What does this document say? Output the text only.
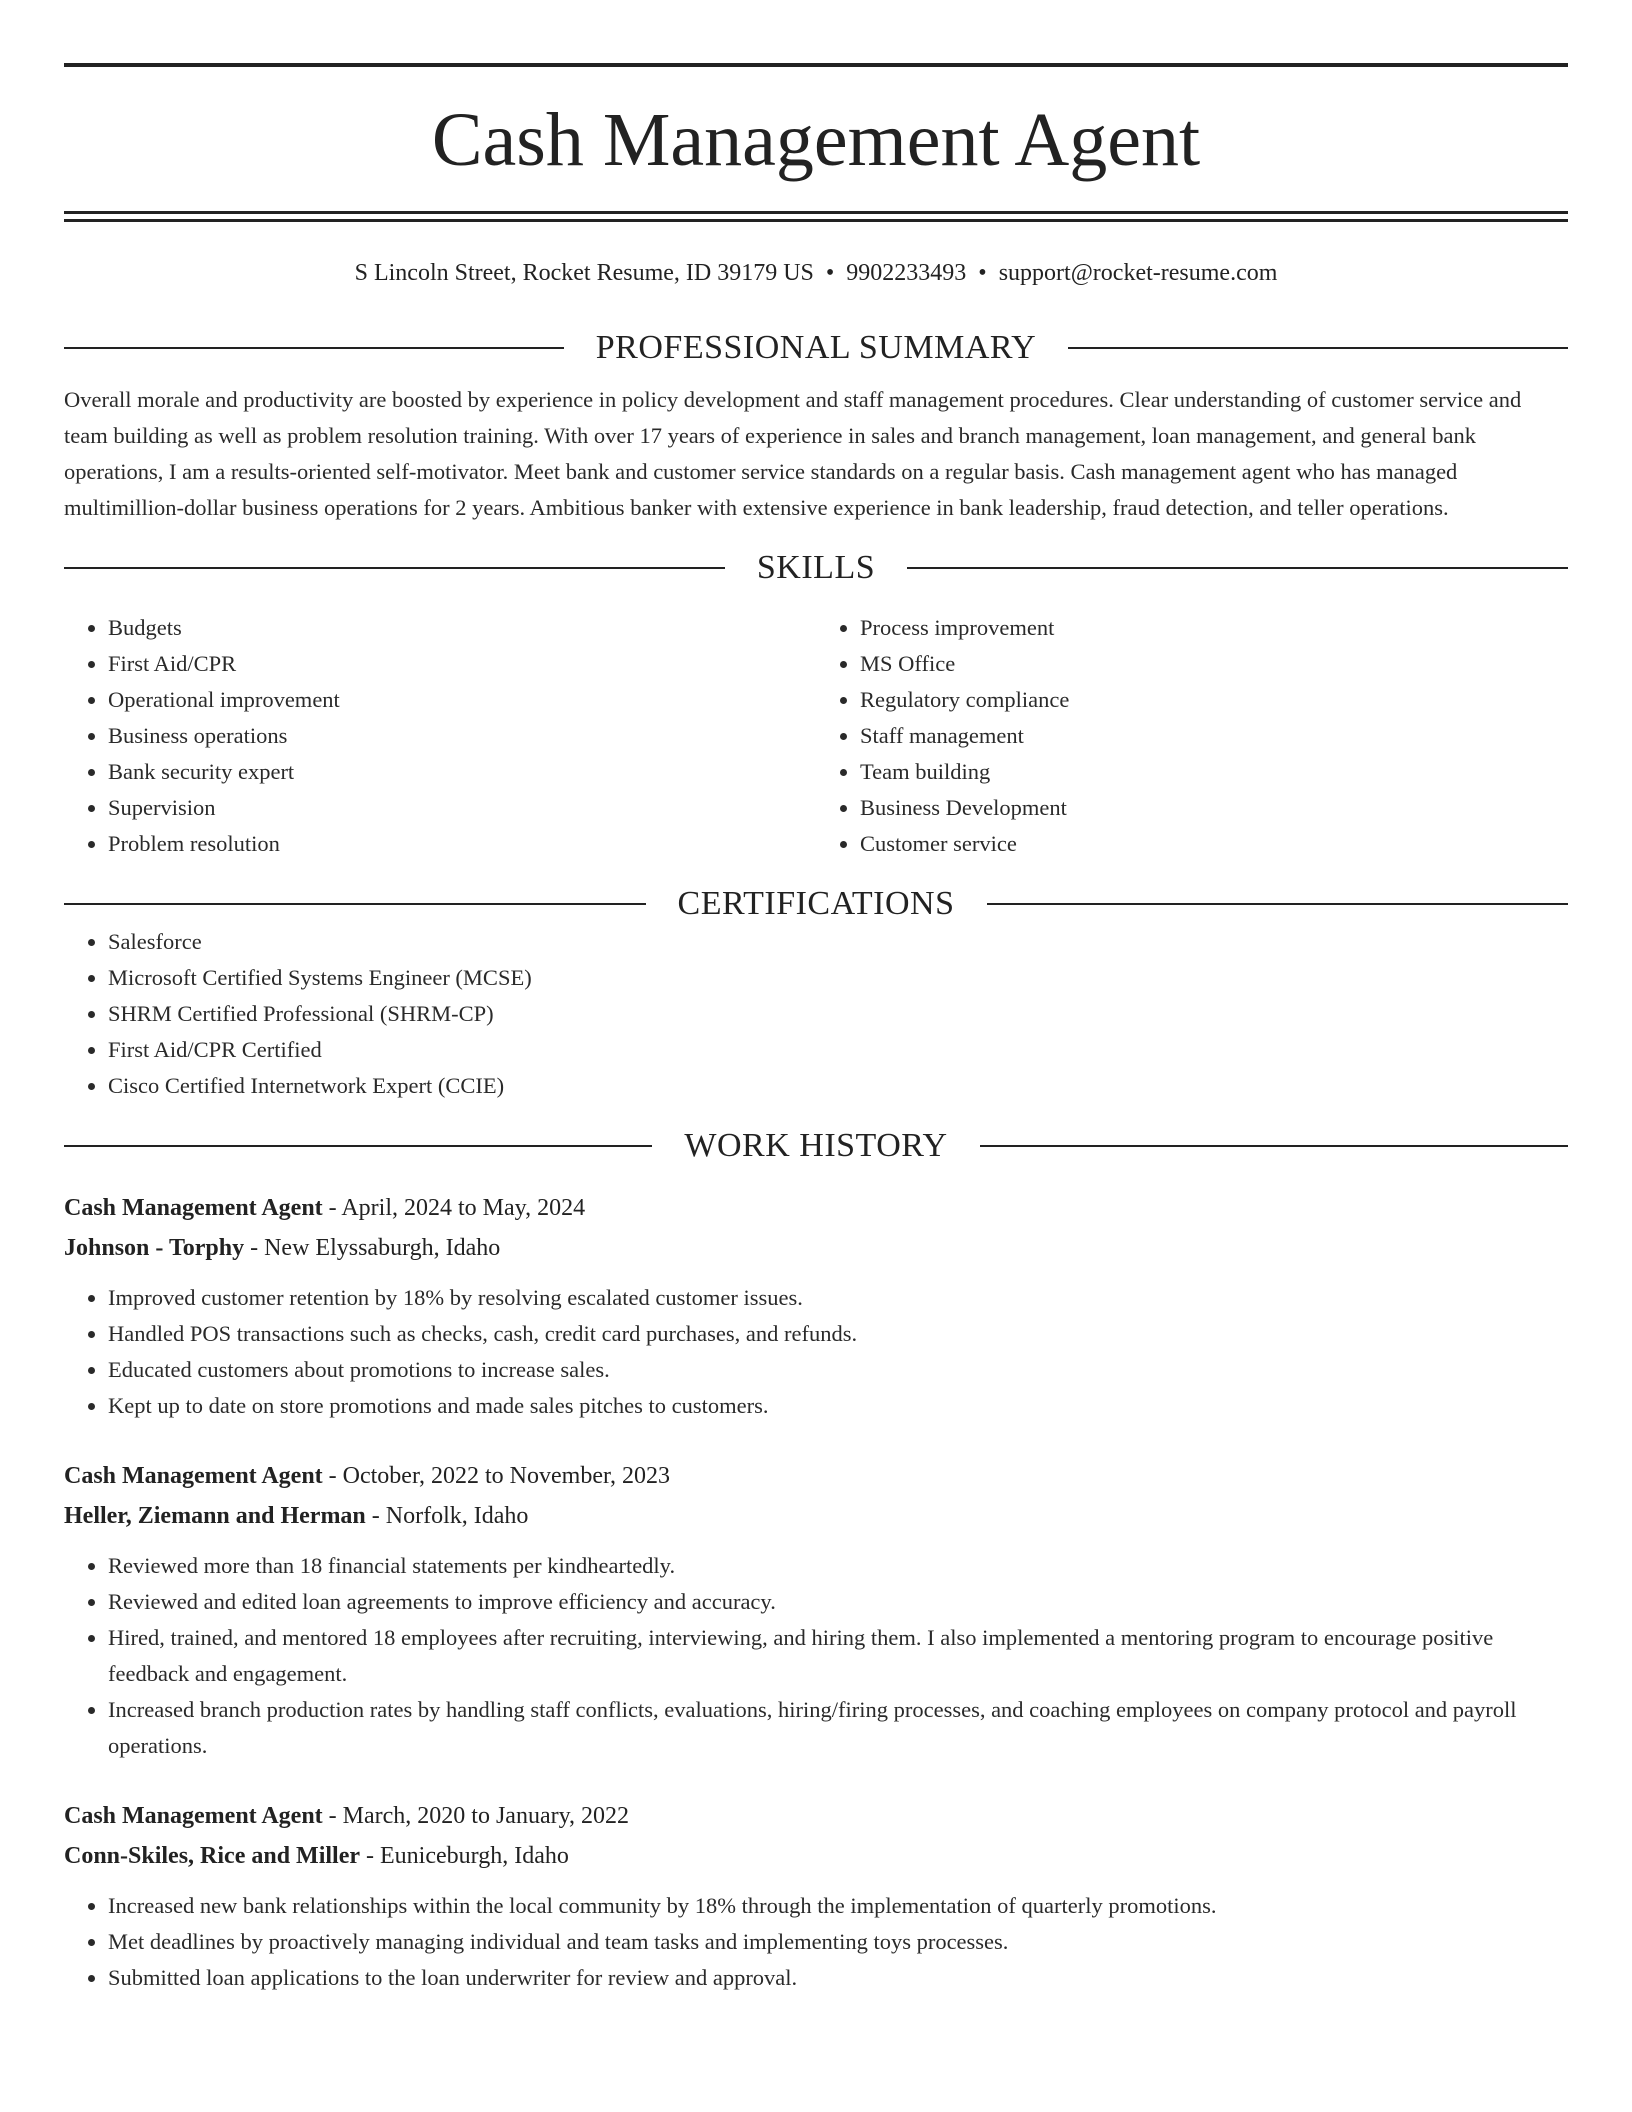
Cash Management Agent
S Lincoln Street, Rocket Resume, ID 39179 US • 9902233493 • support@rocket-resume.com
PROFESSIONAL SUMMARY
Overall morale and productivity are boosted by experience in policy development and staff management procedures. Clear understanding of customer service and team building as well as problem resolution training. With over 17 years of experience in sales and branch management, loan management, and general bank operations, I am a results-oriented self-motivator. Meet bank and customer service standards on a regular basis. Cash management agent who has managed multimillion-dollar business operations for 2 years. Ambitious banker with extensive experience in bank leadership, fraud detection, and teller operations.
SKILLS
• Budgets
• First Aid/CPR
• Operational improvement
• Business operations
• Bank security expert
• Supervision
• Problem resolution
• Process improvement
• MS Office
• Regulatory compliance
• Staff management
• Team building
• Business Development
• Customer service
CERTIFICATIONS
• Salesforce
• Microsoft Certified Systems Engineer (MCSE)
• SHRM Certified Professional (SHRM-CP)
• First Aid/CPR Certified
• Cisco Certified Internetwork Expert (CCIE)
WORK HISTORY
Cash Management Agent - April, 2024 to May, 2024
Johnson - Torphy - New Elyssaburgh, Idaho
• Improved customer retention by 18% by resolving escalated customer issues.
• Handled POS transactions such as checks, cash, credit card purchases, and refunds.
• Educated customers about promotions to increase sales.
• Kept up to date on store promotions and made sales pitches to customers.
Cash Management Agent - October, 2022 to November, 2023
Heller, Ziemann and Herman - Norfolk, Idaho
• Reviewed more than 18 financial statements per kindheartedly.
• Reviewed and edited loan agreements to improve efficiency and accuracy.
• Hired, trained, and mentored 18 employees after recruiting, interviewing, and hiring them. I also implemented a mentoring program to encourage positive feedback and engagement.
• Increased branch production rates by handling staff conflicts, evaluations, hiring/firing processes, and coaching employees on company protocol and payroll operations.
Cash Management Agent - March, 2020 to January, 2022
Conn-Skiles, Rice and Miller - Euniceburgh, Idaho
• Increased new bank relationships within the local community by 18% through the implementation of quarterly promotions.
• Met deadlines by proactively managing individual and team tasks and implementing toys processes.
• Submitted loan applications to the loan underwriter for review and approval.
